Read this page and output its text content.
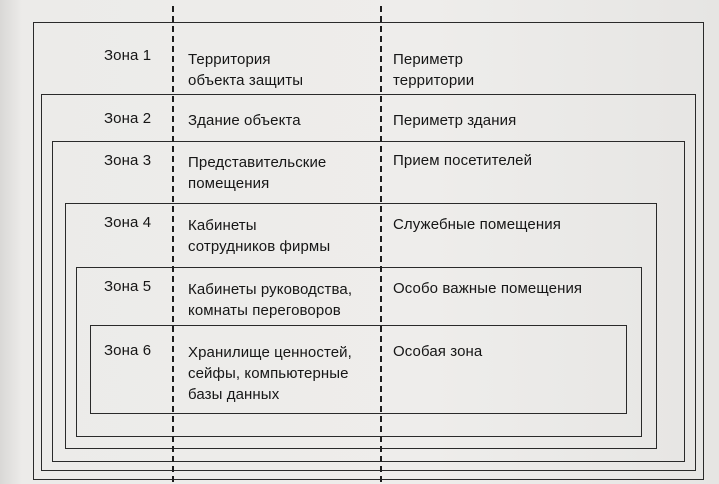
Зона 1 Территория
объекта защиты
Периметр
территории
Зона 2 Здание объекта	Периметр здания
Зона 3 Представительские
помещения
Прием посетителей
Зона 4 Кабинеты
сотрудников фирмы
Служебные помещения
Зона 5 Кабинеты руководства,
комнаты переговоров
Особо важные помещения
Зона 6 Хранилище ценностей,
сейфы, компьютерные
базы данных
Особая зона
